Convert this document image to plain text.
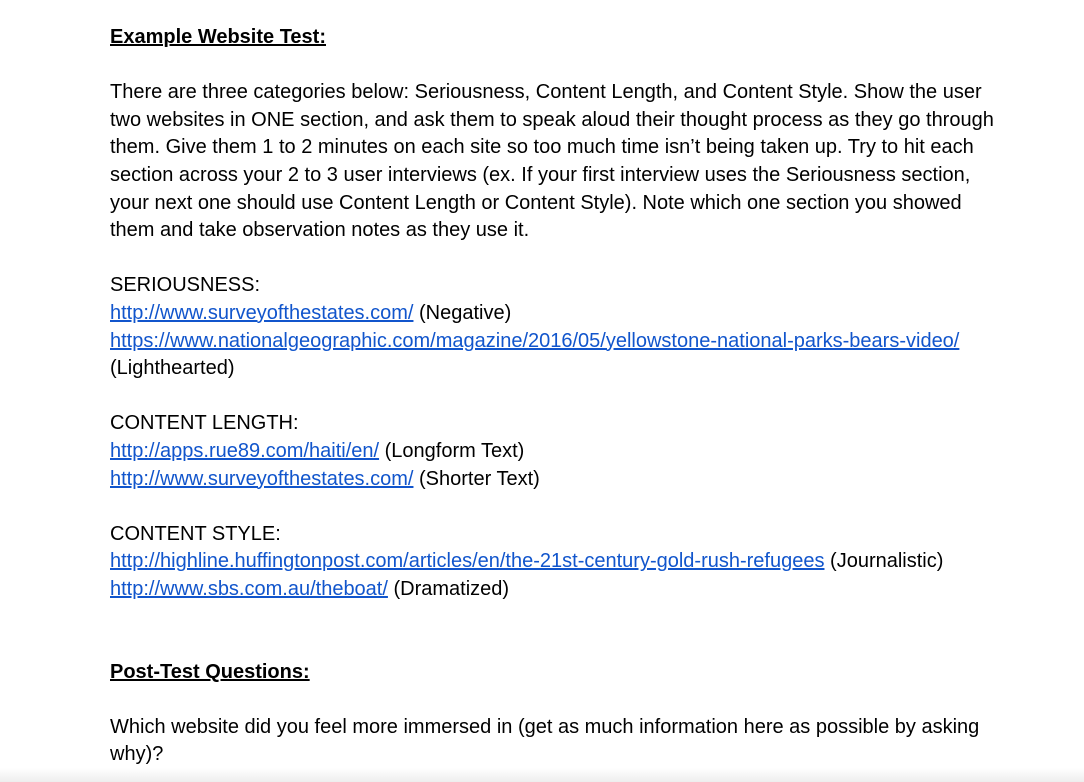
Example Website Test:

There are three categories below: Seriousness, Content Length, and Content Style. Show the user two websites in ONE section, and ask them to speak aloud their thought process as they go through them. Give them 1 to 2 minutes on each site so too much time isn’t being taken up. Try to hit each section across your 2 to 3 user interviews (ex. If your first interview uses the Seriousness section, your next one should use Content Length or Content Style). Note which one section you showed them and take observation notes as they use it.

SERIOUSNESS:

http://www.surveyofthestates.com/ (Negative)

https://www.nationalgeographic.com/magazine/2016/05/yellowstone-national-parks-bears-video/
(Lighthearted)

CONTENT LENGTH:

http://apps.rue89.com/haiti/en/ (Longform Text)

http://www.surveyofthestates.com/ (Shorter Text)

CONTENT STYLE:

http://highline.huffingtonpost.com/articles/en/the-21st-century-gold-rush-refugees (Journalistic)

http://www.sbs.com.au/theboat/ (Dramatized)

Post-Test Questions:

Which website did you feel more immersed in (get as much information here as possible by asking why)?
